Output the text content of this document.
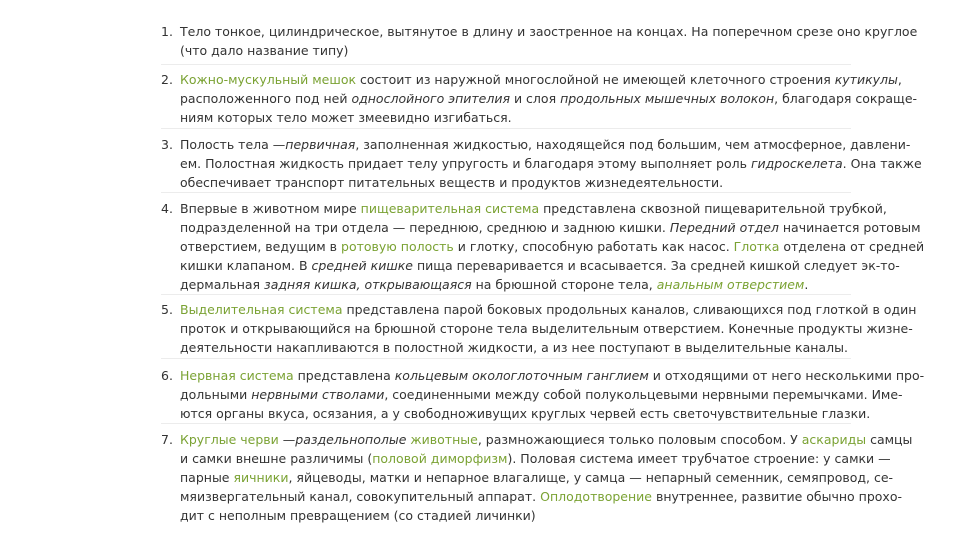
1. Тело тонкое, цилиндрическое, вытянутое в длину и заостренное на концах. На поперечном срезе оно круглое
(что дало название типу)
2. Кожно-мускульный мешок состоит из наружной многослойной не имеющей клеточного строения кутикулы,
расположенного под ней однослойного эпителия и слоя продольных мышечных волокон, благодаря сокраще-
ниям которых тело может змеевидно изгибаться.
3. Полость тела —первичная, заполненная жидкостью, находящейся под большим, чем атмосферное, давлени-
ем. Полостная жидкость придает телу упругость и благодаря этому выполняет роль гидроскелета. Она также
обеспечивает транспорт питательных веществ и продуктов жизнедеятельности.
4. Впервые в животном мире пищеварительная система представлена сквозной пищеварительной трубкой,
подразделенной на три отдела — переднюю, среднюю и заднюю кишки. Передний отдел начинается ротовым
отверстием, ведущим в ротовую полость и глотку, способную работать как насос. Глотка отделена от средней
кишки клапаном. В средней кишке пища переваривается и всасывается. За средней кишкой следует эк-то-
дермальная задняя кишка, открывающаяся на брюшной стороне тела, анальным отверстием.
5. Выделительная система представлена парой боковых продольных каналов, сливающихся под глоткой в один
проток и открывающийся на брюшной стороне тела выделительным отверстием. Конечные продукты жизне-
деятельности накапливаются в полостной жидкости, а из нее поступают в выделительные каналы.
6. Нервная система представлена кольцевым окологлоточным ганглием и отходящими от него несколькими про-
дольными нервными стволами, соединенными между собой полукольцевыми нервными перемычками. Име-
ются органы вкуса, осязания, а у свободноживущих круглых червей есть светочувствительные глазки.
7. Круглые черви —раздельнополые животные, размножающиеся только половым способом. У аскариды самцы
и самки внешне различимы (половой диморфизм). Половая система имеет трубчатое строение: у самки —
парные яичники, яйцеводы, матки и непарное влагалище, у самца — непарный семенник, семяпровод, се-
мяизвергательный канал, совокупительный аппарат. Оплодотворение внутреннее, развитие обычно прохо-
дит с неполным превращением (со стадией личинки)
